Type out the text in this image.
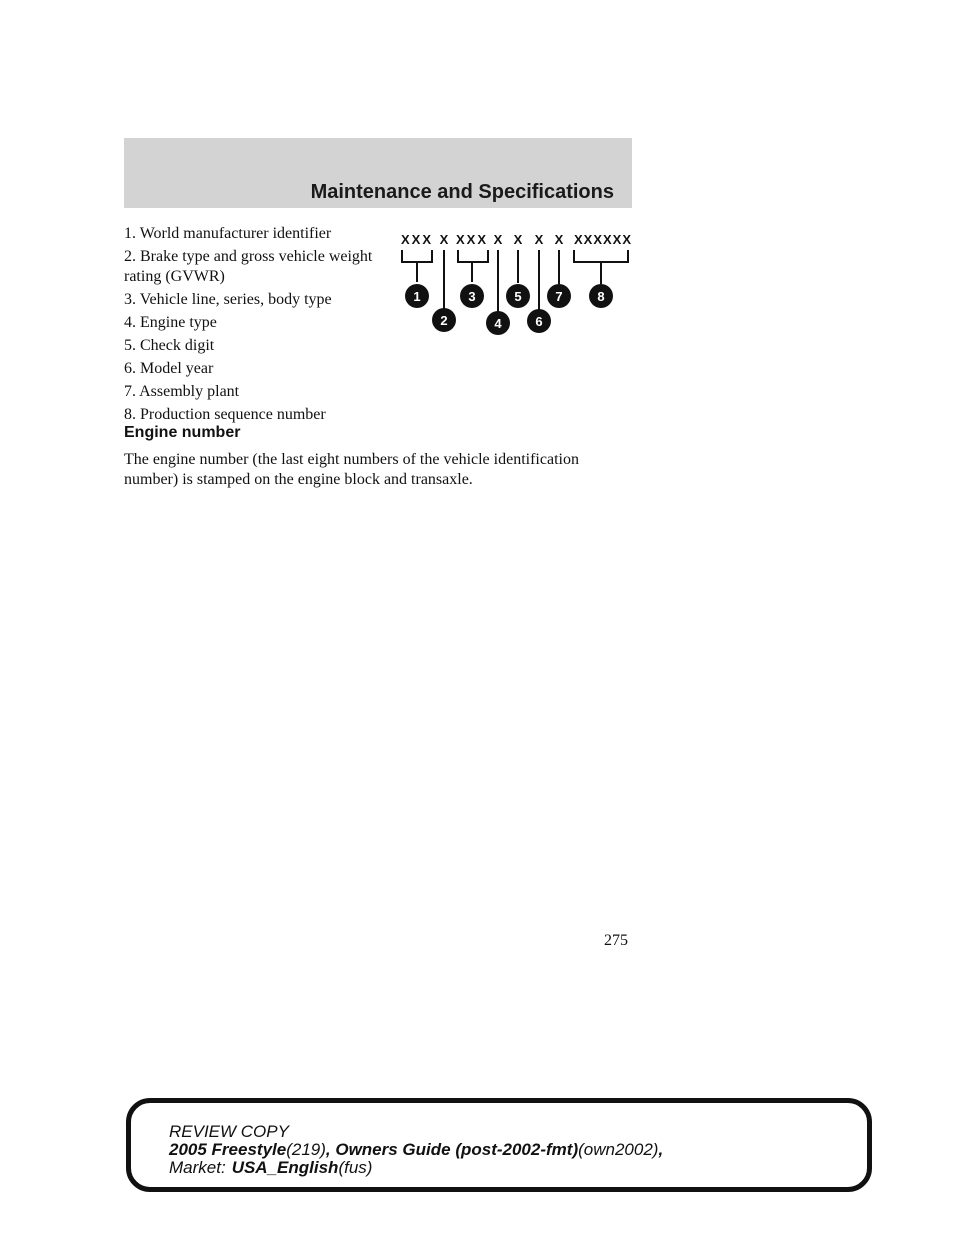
Maintenance and Specifications
1. World manufacturer identifier
2. Brake type and gross vehicle weight rating (GVWR)
3. Vehicle line, series, body type
4. Engine type
5. Check digit
6. Model year
7. Assembly plant
8. Production sequence number
XXX X XXX X X X X XXXXXX
1
2
3
4
5
6
7	8
Engine number

The engine number (the last eight numbers of the vehicle identification number) is stamped on the engine block and transaxle.

275
REVIEW COPY
2005 Freestyle(219), Owners Guide (post-2002-fmt)(own2002),
Market: USA_English(fus)
